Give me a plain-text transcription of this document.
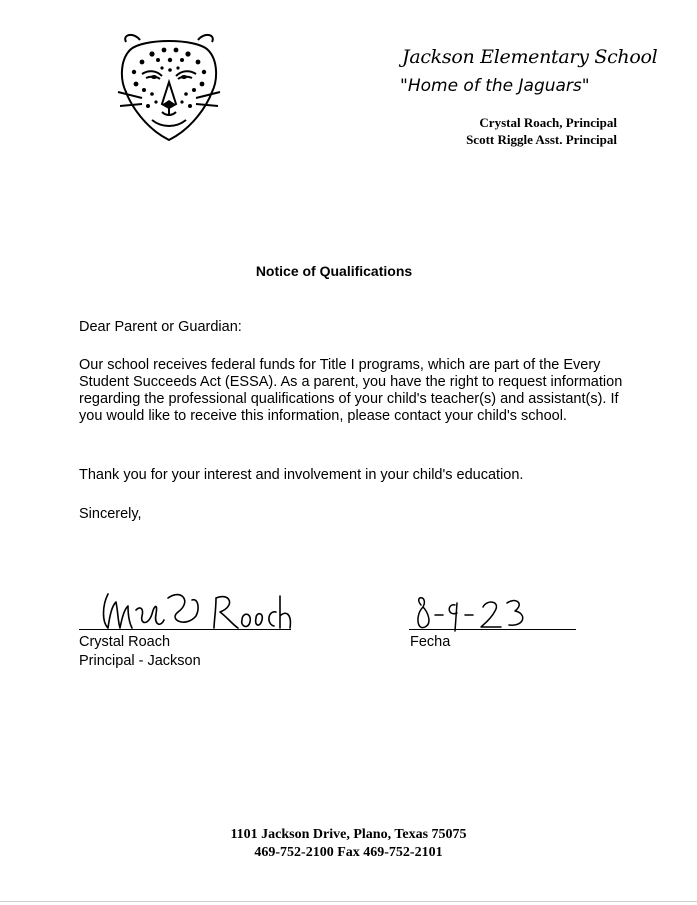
Jackson Elementary School
"Home of the Jaguars"
Crystal Roach, Principal
Scott Riggle Asst. Principal
Notice of Qualifications
Dear Parent or Guardian:
Our school receives federal funds for Title I programs, which are part of the Every Student Succeeds Act (ESSA). As a parent, you have the right to request information regarding the professional qualifications of your child's teacher(s) and assistant(s). If you would like to receive this information, please contact your child's school.
Thank you for your interest and involvement in your child's education.
Sincerely,
Crystal Roach
Principal - Jackson
Fecha
1101 Jackson Drive, Plano, Texas 75075
469-752-2100 Fax 469-752-2101
